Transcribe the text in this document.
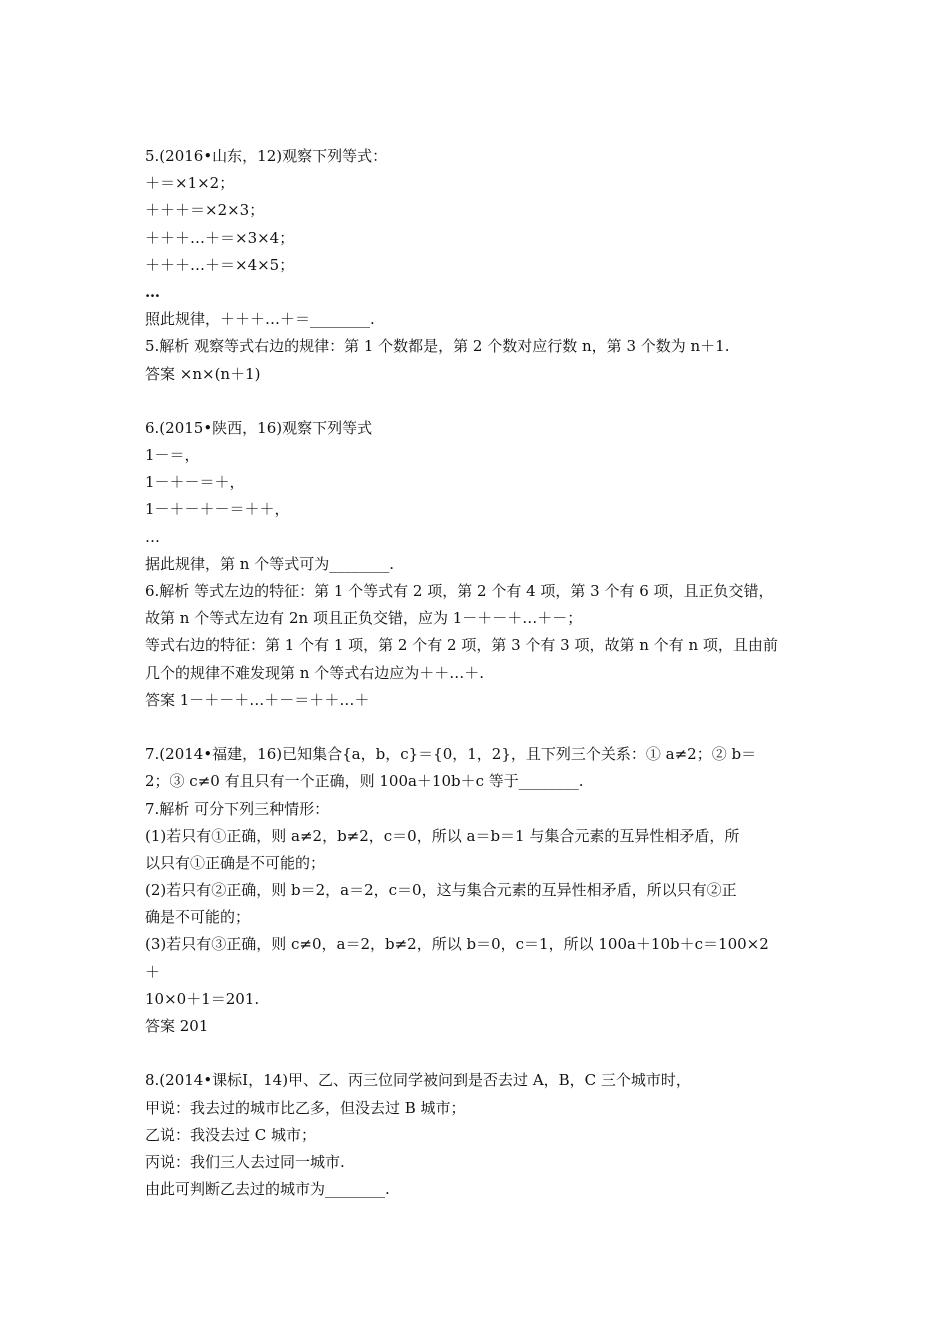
5.(2016•山东，12)观察下列等式：
＋＝×1×2；
＋＋＋＝×2×3；
＋＋＋…＋＝×3×4；
＋＋＋…＋＝×4×5；
…
照此规律，＋＋＋…＋＝________.
5.解析 观察等式右边的规律：第 1 个数都是，第 2 个数对应行数 n，第 3 个数为 n＋1.
答案 ×n×(n＋1)
6.(2015•陕西，16)观察下列等式
1－＝，
1－＋－＝＋，
1－＋－＋－＝＋＋，
…
据此规律，第 n 个等式可为________.
6.解析 等式左边的特征：第 1 个等式有 2 项，第 2 个有 4 项，第 3 个有 6 项，且正负交错，
故第 n 个等式左边有 2n 项且正负交错，应为 1－＋－＋…＋－；
等式右边的特征：第 1 个有 1 项，第 2 个有 2 项，第 3 个有 3 项，故第 n 个有 n 项，且由前
几个的规律不难发现第 n 个等式右边应为＋＋…＋.
答案 1－＋－＋…＋－＝＋＋…＋
7.(2014•福建，16)已知集合{a，b，c}＝{0，1，2}，且下列三个关系：① a≠2；② b＝
2；③ c≠0 有且只有一个正确，则 100a＋10b＋c 等于________.
7.解析 可分下列三种情形：
(1)若只有①正确，则 a≠2，b≠2，c＝0，所以 a＝b＝1 与集合元素的互异性相矛盾，所
以只有①正确是不可能的；
(2)若只有②正确，则 b＝2，a＝2，c＝0，这与集合元素的互异性相矛盾，所以只有②正
确是不可能的；
(3)若只有③正确，则 c≠0，a＝2，b≠2，所以 b＝0，c＝1，所以 100a＋10b＋c＝100×2
＋
10×0＋1＝201.
答案 201
8.(2014•课标Ⅰ，14)甲、乙、丙三位同学被问到是否去过 A，B，C 三个城市时，
甲说：我去过的城市比乙多，但没去过 B 城市；
乙说：我没去过 C 城市；
丙说：我们三人去过同一城市.
由此可判断乙去过的城市为________.
